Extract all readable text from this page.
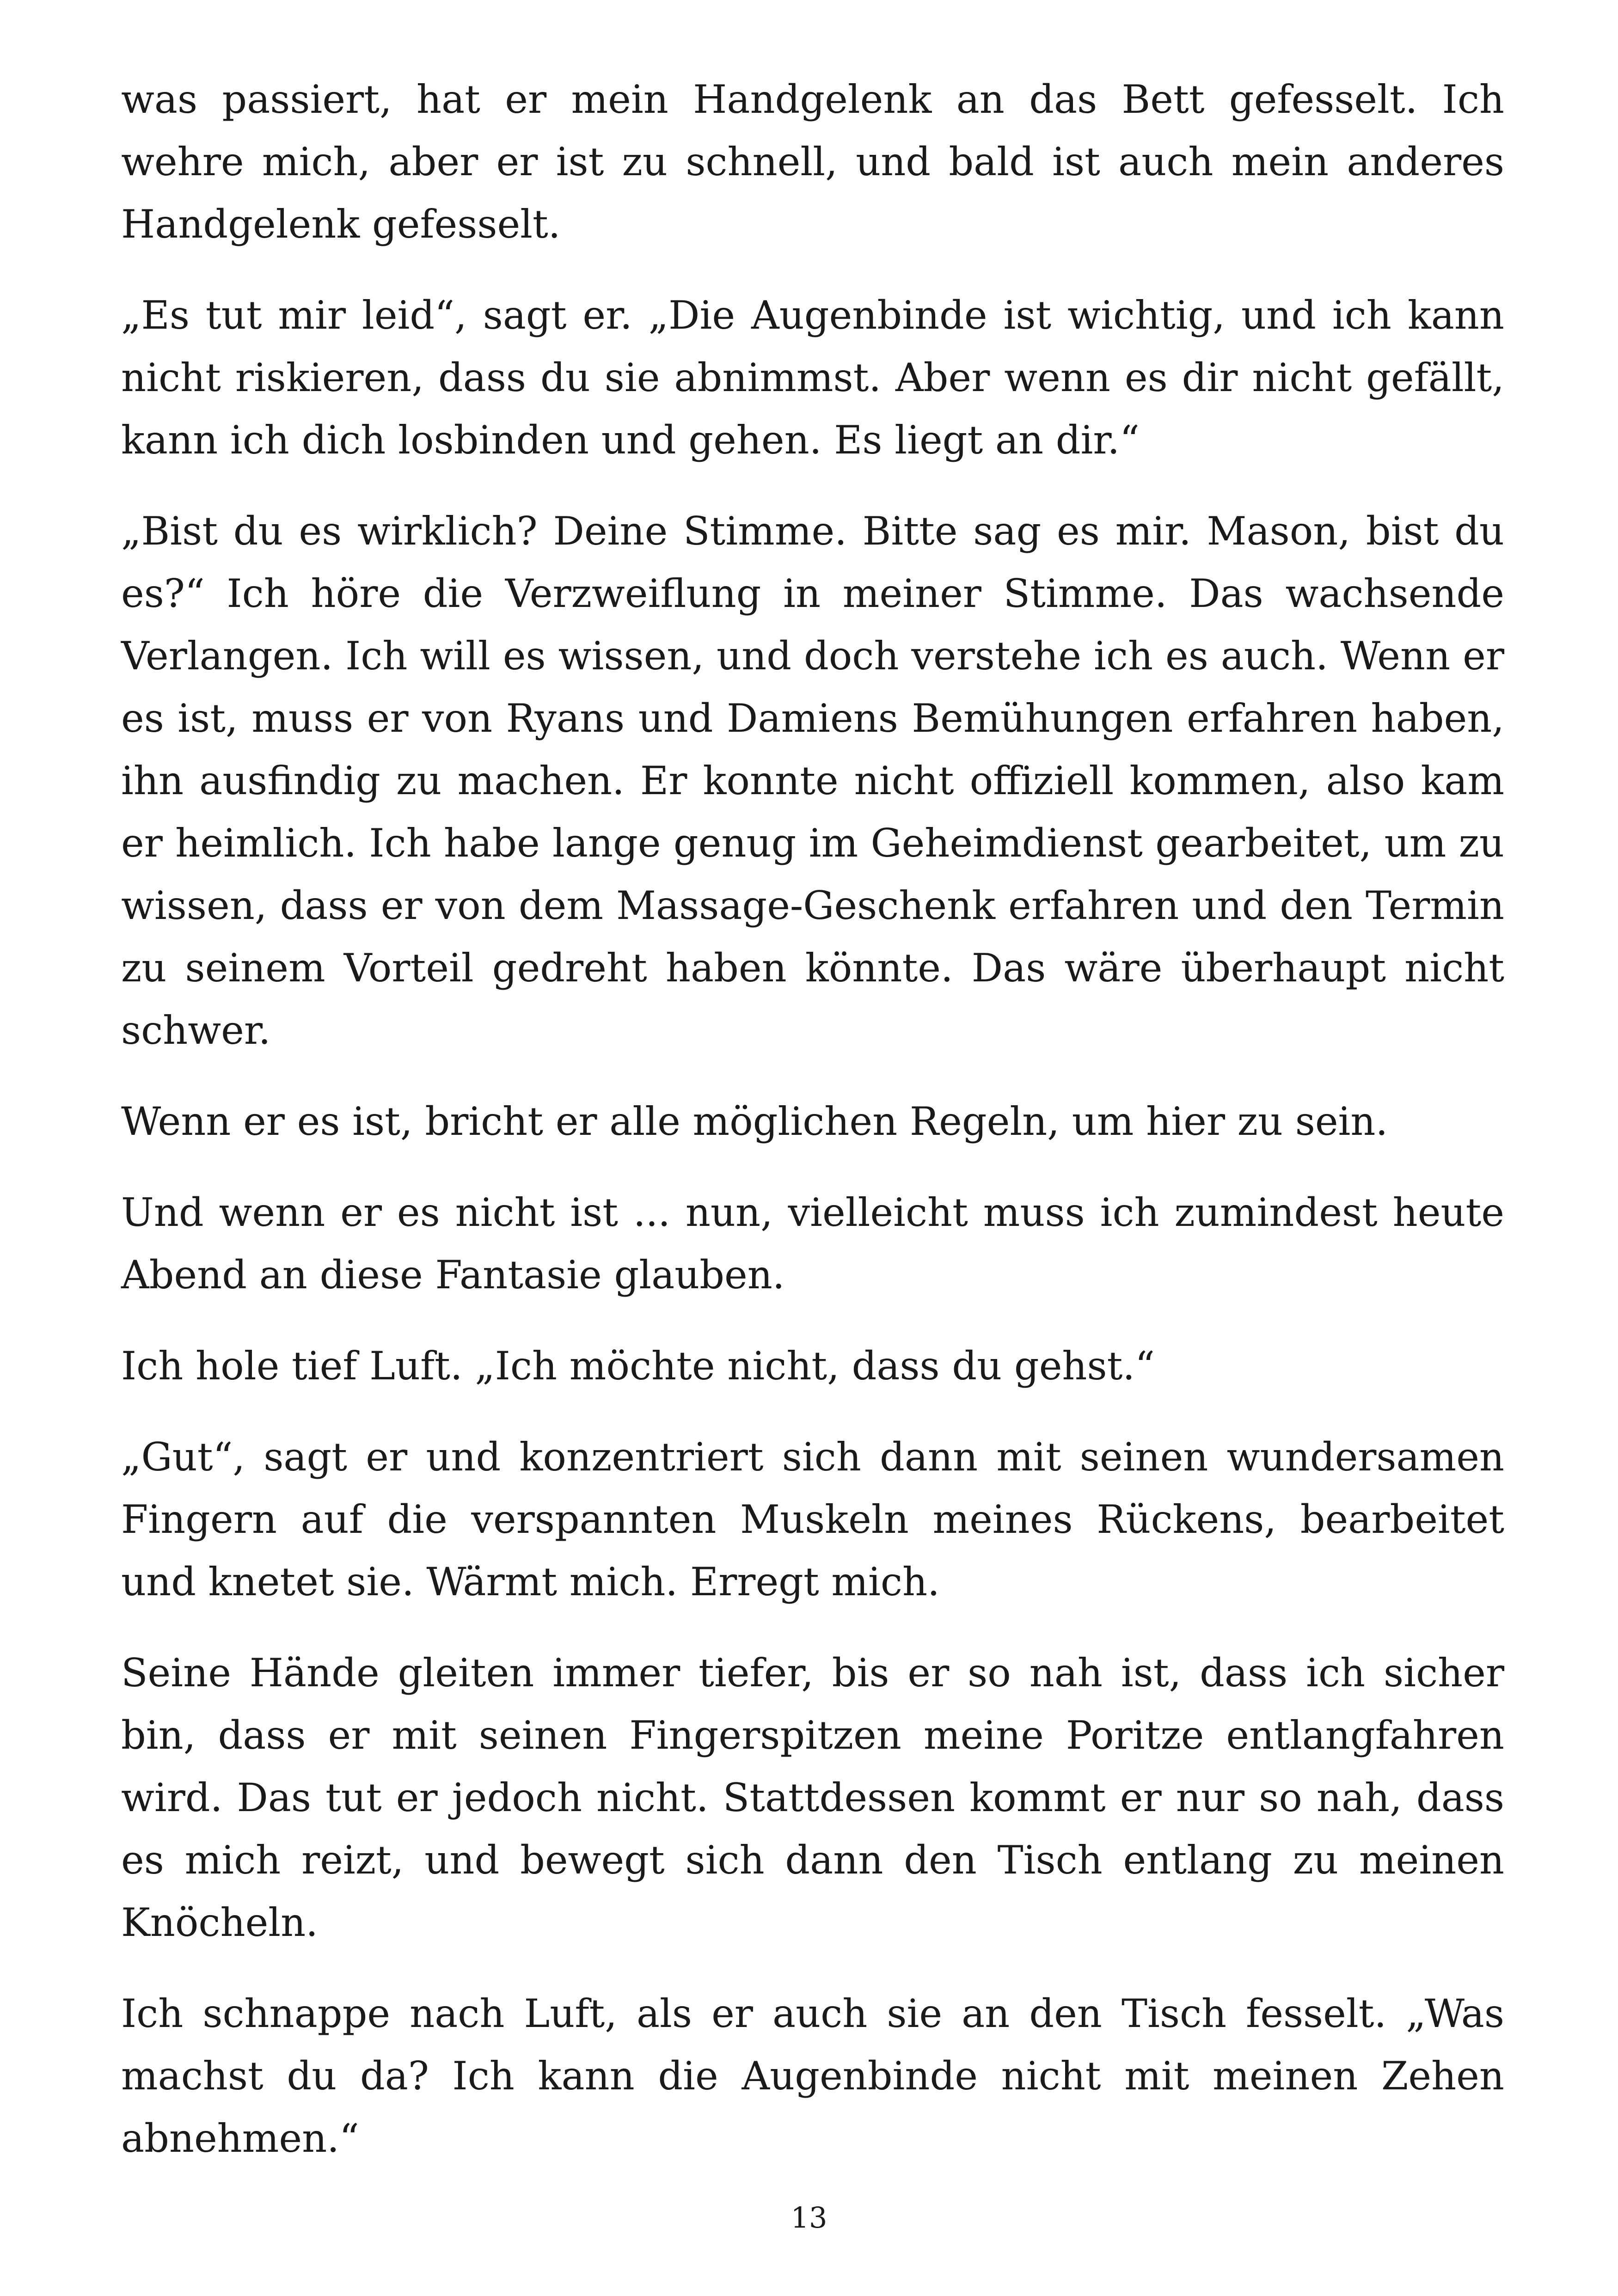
was passiert, hat er mein Handgelenk an das Bett gefesselt. Ich wehre mich, aber er ist zu schnell, und bald ist auch mein anderes Handgelenk gefesselt.

„Es tut mir leid“, sagt er. „Die Augenbinde ist wichtig, und ich kann nicht riskieren, dass du sie abnimmst. Aber wenn es dir nicht gefällt, kann ich dich losbinden und gehen. Es liegt an dir.“

„Bist du es wirklich? Deine Stimme. Bitte sag es mir. Mason, bist du es?“ Ich höre die Verzweiflung in meiner Stimme. Das wachsende Verlangen. Ich will es wissen, und doch verstehe ich es auch. Wenn er es ist, muss er von Ryans und Damiens Bemühungen erfahren haben, ihn ausfindig zu machen. Er konnte nicht offiziell kommen, also kam er heimlich. Ich habe lange genug im Geheimdienst gearbeitet, um zu wissen, dass er von dem Massage-Geschenk erfahren und den Termin zu seinem Vorteil gedreht haben könnte. Das wäre überhaupt nicht schwer.

Wenn er es ist, bricht er alle möglichen Regeln, um hier zu sein.

Und wenn er es nicht ist ... nun, vielleicht muss ich zumindest heute Abend an diese Fantasie glauben.

Ich hole tief Luft. „Ich möchte nicht, dass du gehst.“

„Gut“, sagt er und konzentriert sich dann mit seinen wundersamen Fingern auf die verspannten Muskeln meines Rückens, bearbeitet und knetet sie. Wärmt mich. Erregt mich.

Seine Hände gleiten immer tiefer, bis er so nah ist, dass ich sicher bin, dass er mit seinen Fingerspitzen meine Poritze entlangfahren wird. Das tut er jedoch nicht. Stattdessen kommt er nur so nah, dass es mich reizt, und bewegt sich dann den Tisch entlang zu meinen Knöcheln.

Ich schnappe nach Luft, als er auch sie an den Tisch fesselt. „Was machst du da? Ich kann die Augenbinde nicht mit meinen Zehen abnehmen.“

13
